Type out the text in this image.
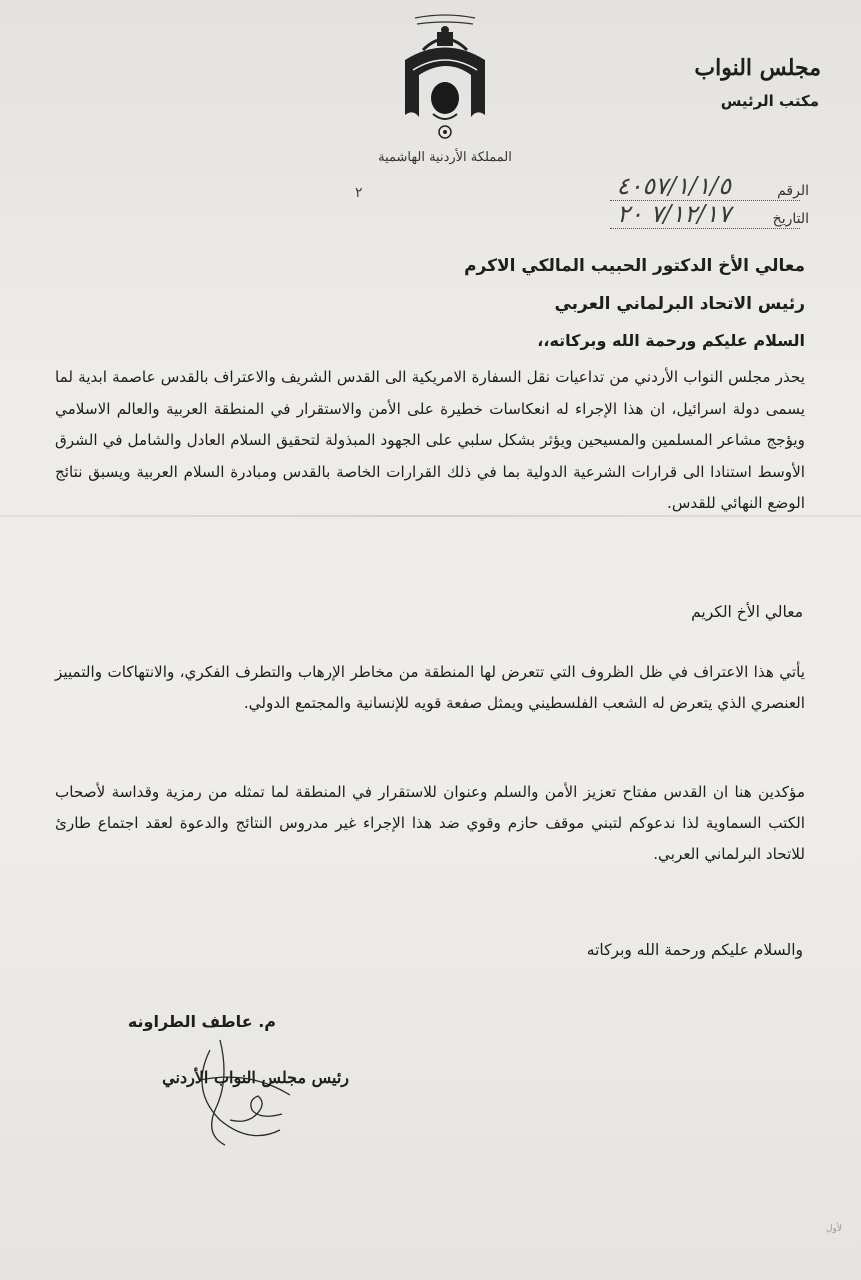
المملكة الأردنية الهاشمية
٢
مجلس النواب
مكتب الرئيس
الرقم
٤٠٥٧/١/١/٥
التاريخ
٧/١٢/١٧ ٢٠
معالي الأخ الدكتور الحبيب المالكي الاكرم
رئيس الاتحاد البرلماني العربي
السلام عليكم ورحمة الله وبركاته،،
يحذر مجلس النواب الأردني من تداعيات نقل السفارة الامريكية الى القدس الشريف والاعتراف بالقدس عاصمة ابدية لما يسمى دولة اسرائيل، ان هذا الإجراء له انعكاسات خطيرة على الأمن والاستقرار في المنطقة العربية والعالم الاسلامي ويؤجج مشاعر المسلمين والمسيحين ويؤثر بشكل سلبي على الجهود المبذولة لتحقيق السلام العادل والشامل في الشرق الأوسط استنادا الى قرارات الشرعية الدولية بما في ذلك القرارات الخاصة بالقدس ومبادرة السلام العربية ويسبق نتائج الوضع النهائي للقدس.
معالي الأخ الكريم
يأتي هذا الاعتراف في ظل الظروف التي تتعرض لها المنطقة من مخاطر الإرهاب والتطرف الفكري، والانتهاكات والتمييز العنصري الذي يتعرض له الشعب الفلسطيني ويمثل صفعة قويه للإنسانية والمجتمع الدولي.
مؤكدين هنا ان القدس مفتاح تعزيز الأمن والسلم وعنوان للاستقرار في المنطقة لما تمثله من رمزية وقداسة لأصحاب الكتب السماوية لذا ندعوكم لتبني موقف حازم وقوي ضد هذا الإجراء غير مدروس النتائج والدعوة لعقد اجتماع طارئ للاتحاد البرلماني العربي.
والسلام عليكم ورحمة الله وبركاته
م. عاطف الطراونه
رئيس مجلس النواب الأردني
لأول
